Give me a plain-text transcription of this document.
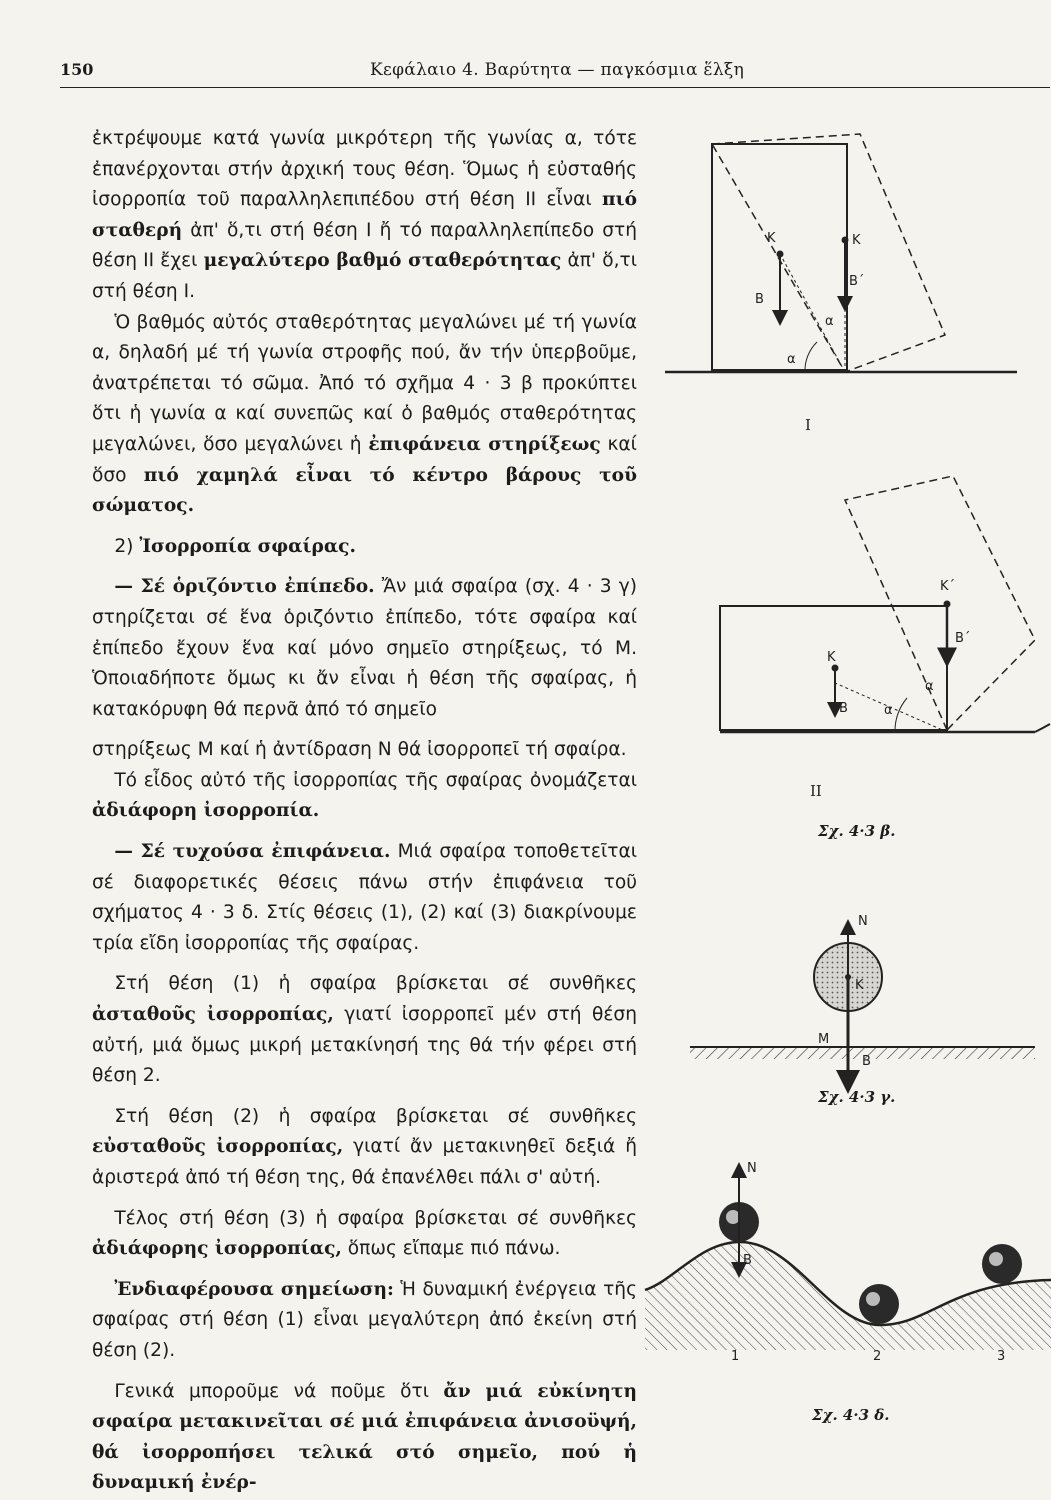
150	Κεφάλαιο 4. Βαρύτητα — παγκόσμια ἕλξη

ἐκτρέψουμε κατά γωνία μικρότερη τῆς γωνίας α, τότε ἐπανέρχονται στήν ἀρχική τους θέση. Ὅμως ἡ εὐσταθής ἰσορροπία τοῦ παραλληλεπιπέδου στή θέση ΙΙ εἶναι πιό σταθερή ἀπ' ὅ,τι στή θέση Ι ἤ τό παραλληλεπίπεδο στή θέση ΙΙ ἔχει μεγαλύτερο βαθμό σταθερότητας ἀπ' ὅ,τι στή θέση Ι.

Ὁ βαθμός αὐτός σταθερότητας μεγαλώνει μέ τή γωνία α, δηλαδή μέ τή γωνία στροφῆς πού, ἄν τήν ὑπερβοῦμε, ἀνατρέπεται τό σῶμα. Ἀπό τό σχῆμα 4 · 3 β προκύπτει ὅτι ἡ γωνία α καί συνεπῶς καί ὁ βαθμός σταθερότητας μεγαλώνει, ὅσο μεγαλώνει ἡ ἐπιφάνεια στηρίξεως καί ὅσο πιό χαμηλά εἶναι τό κέντρο βάρους τοῦ σώματος.

2) Ἰσορροπία σφαίρας.

— Σέ ὁριζόντιο ἐπίπεδο. Ἄν μιά σφαίρα (σχ. 4 · 3 γ) στηρίζεται σέ ἕνα ὁριζόντιο ἐπίπεδο, τότε σφαίρα καί ἐπίπεδο ἔχουν ἕνα καί μόνο σημεῖο στηρίξεως, τό Μ. Ὁποιαδήποτε ὅμως κι ἄν εἶναι ἡ θέση τῆς σφαίρας, ἡ κατακόρυφη θά περνᾶ ἀπό τό σημεῖο

στηρίξεως Μ καί ἡ ἀντίδραση Ν θά ἰσορροπεῖ τή σφαίρα.

Τό εἶδος αὐτό τῆς ἰσορροπίας τῆς σφαίρας ὀνομάζεται ἀδιάφορη ἰσορροπία.

— Σέ τυχούσα ἐπιφάνεια. Μιά σφαίρα τοποθετεῖται σέ διαφορετικές θέσεις πάνω στήν ἐπιφάνεια τοῦ σχήματος 4 · 3 δ. Στίς θέσεις (1), (2) καί (3) διακρίνουμε τρία εἴδη ἰσορροπίας τῆς σφαίρας.

Στή θέση (1) ἡ σφαίρα βρίσκεται σέ συνθῆκες ἀσταθοῦς ἰσορροπίας, γιατί ἰσορροπεῖ μέν στή θέση αὐτή, μιά ὅμως μικρή μετακίνησή της θά τήν φέρει στή θέση 2.

Στή θέση (2) ἡ σφαίρα βρίσκεται σέ συνθῆκες εὐσταθοῦς ἰσορροπίας, γιατί ἄν μετακινηθεῖ δεξιά ἤ ἀριστερά ἀπό τή θέση της, θά ἐπανέλθει πάλι σ' αὐτή.

Τέλος στή θέση (3) ἡ σφαίρα βρίσκεται σέ συνθῆκες ἀδιάφορης ἰσορροπίας, ὅπως εἴπαμε πιό πάνω.

Ἐνδιαφέρουσα σημείωση: Ἡ δυναμική ἐνέργεια τῆς σφαίρας στή θέση (1) εἶναι μεγαλύτερη ἀπό ἐκείνη στή θέση (2).

Γενικά μποροῦμε νά ποῦμε ὅτι ἄν μιά εὐκίνητη σφαίρα μετακινεῖται σέ μιά ἐπιφάνεια ἀνισοϋψή, θά ἰσορροπήσει τελικά στό σημεῖο, πού ἡ δυναμική ἐνέρ-

K	K
B
B΄
α
α
I
K
K΄
B
B΄
α
α
II
Σχ. 4·3 β.
N
K
M
B
Σχ. 4·3 γ.
N
B
1	2	3
Σχ. 4·3 δ.
